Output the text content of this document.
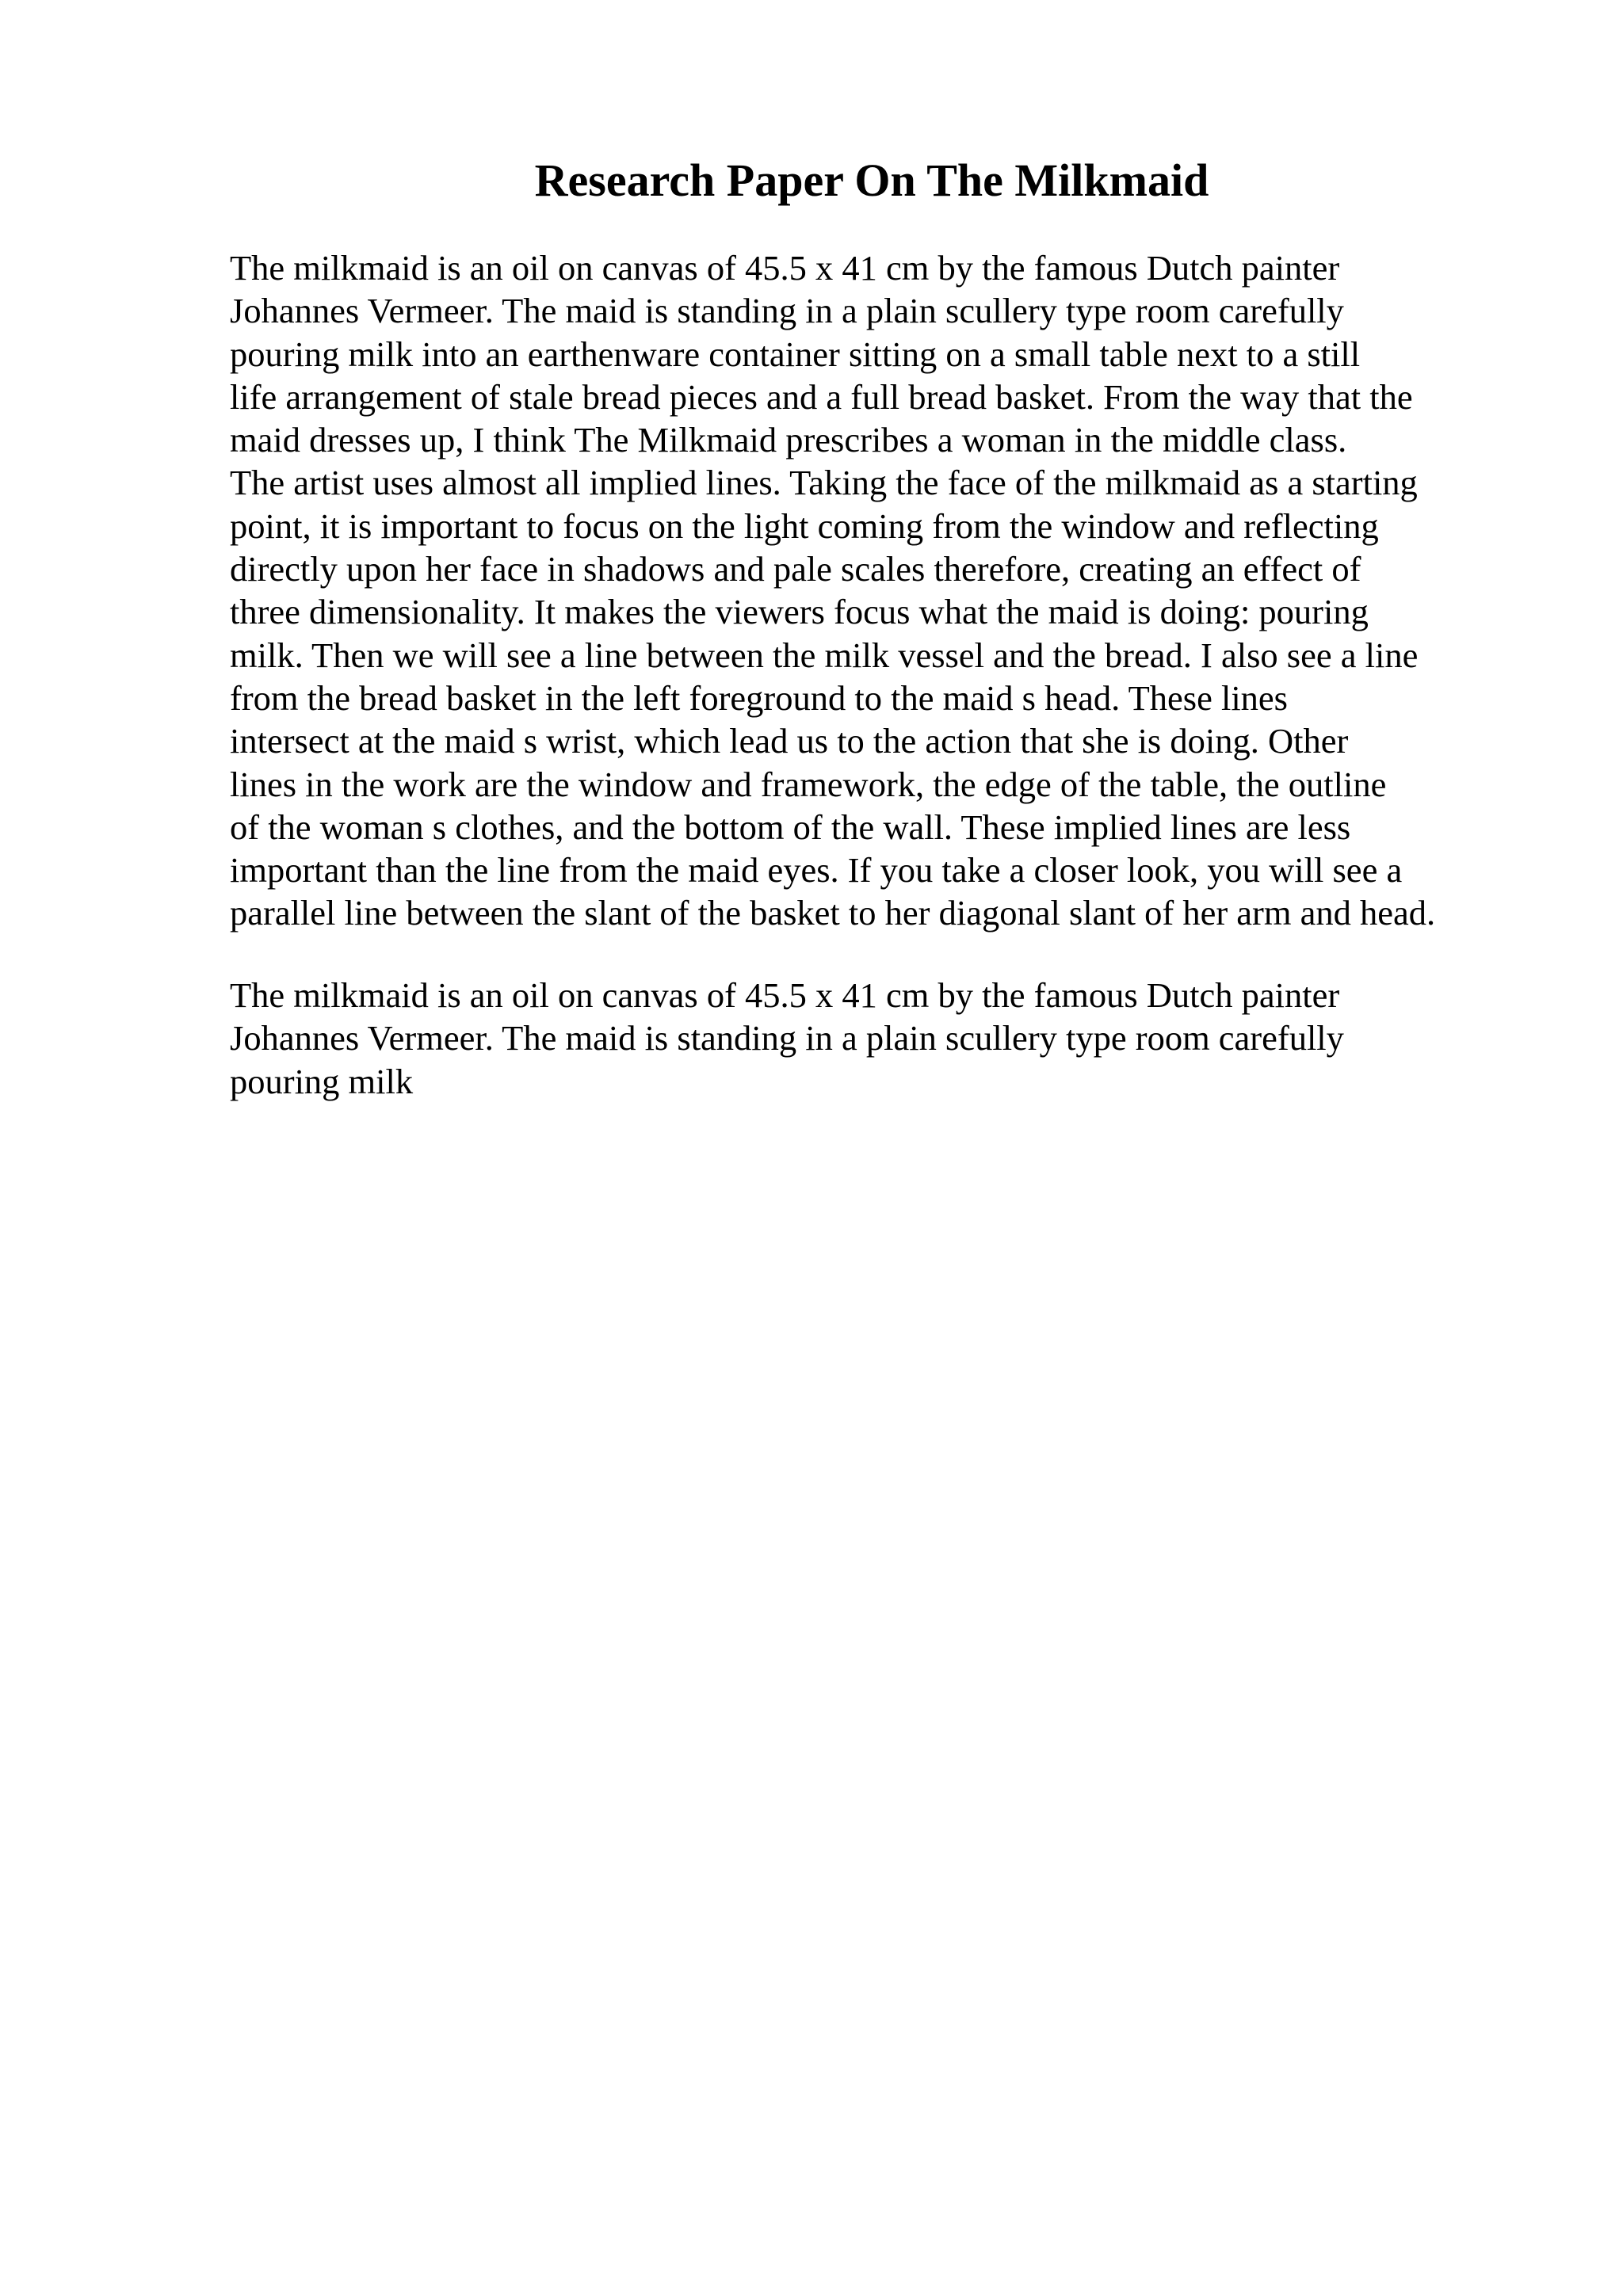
Research Paper On The Milkmaid

The milkmaid is an oil on canvas of 45.5 x 41 cm by the famous Dutch painter
Johannes Vermeer. The maid is standing in a plain scullery type room carefully
pouring milk into an earthenware container sitting on a small table next to a still
life arrangement of stale bread pieces and a full bread basket. From the way that the
maid dresses up, I think The Milkmaid prescribes a woman in the middle class.
The artist uses almost all implied lines. Taking the face of the milkmaid as a starting
point, it is important to focus on the light coming from the window and reflecting
directly upon her face in shadows and pale scales therefore, creating an effect of
three dimensionality. It makes the viewers focus what the maid is doing: pouring
milk. Then we will see a line between the milk vessel and the bread. I also see a line
from the bread basket in the left foreground to the maid s head. These lines
intersect at the maid s wrist, which lead us to the action that she is doing. Other
lines in the work are the window and framework, the edge of the table, the outline
of the woman s clothes, and the bottom of the wall. These implied lines are less
important than the line from the maid eyes. If you take a closer look, you will see a
parallel line between the slant of the basket to her diagonal slant of her arm and head.

The milkmaid is an oil on canvas of 45.5 x 41 cm by the famous Dutch painter
Johannes Vermeer. The maid is standing in a plain scullery type room carefully
pouring milk
